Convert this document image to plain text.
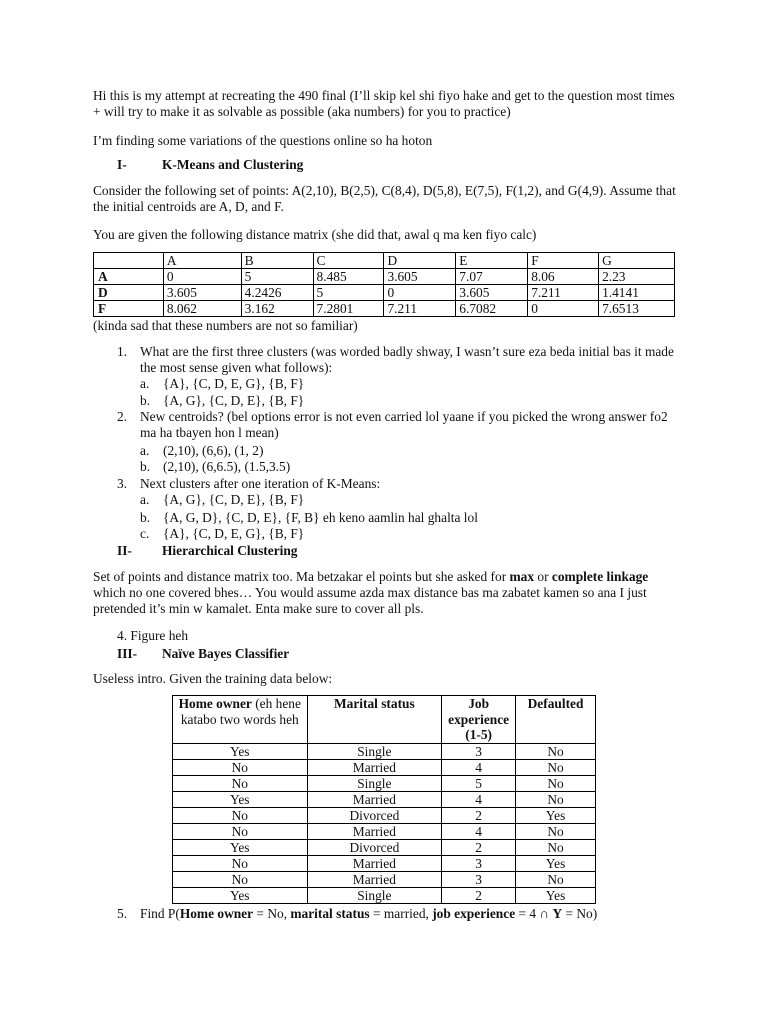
Hi this is my attempt at recreating the 490 final (I’ll skip kel shi fiyo hake and get to the question most times + will try to make it as solvable as possible (aka numbers) for you to practice)

I’m finding some variations of the questions online so ha hoton

I-	K-Means and Clustering

Consider the following set of points: A(2,10), B(2,5), C(8,4), D(5,8), E(7,5), F(1,2), and G(4,9). Assume that the initial centroids are A, D, and F.

You are given the following distance matrix (she did that, awal q ma ken fiyo calc)

	A	B	C	D	E	F	G
A	0	5	8.485	3.605	7.07	8.06	2.23
D	3.605	4.2426	5	0	3.605	7.211	1.4141
F	8.062	3.162	7.2801	7.211	6.7082	0	7.6513

(kinda sad that these numbers are not so familiar)

1. What are the first three clusters (was worded badly shway, I wasn’t sure eza beda initial bas it made the most sense given what follows):
a. {A}, {C, D, E, G}, {B, F}
b. {A, G}, {C, D, E}, {B, F}
2. New centroids? (bel options error is not even carried lol yaane if you picked the wrong answer fo2 ma ha tbayen hon l mean)
a. (2,10), (6,6), (1, 2)
b. (2,10), (6,6.5), (1.5,3.5)
3. Next clusters after one iteration of K-Means:
a. {A, G}, {C, D, E}, {B, F}
b. {A, G, D}, {C, D, E}, {F, B} eh keno aamlin hal ghalta lol
c. {A}, {C, D, E, G}, {B, F}
II- Hierarchical Clustering

Set of points and distance matrix too. Ma betzakar el points but she asked for max or complete linkage which no one covered bhes… You would assume azda max distance bas ma zabatet kamen so ana I just pretended it’s min w kamalet. Enta make sure to cover all pls.

4. Figure heh
III- Naïve Bayes Classifier

Useless intro. Given the training data below:

Home owner (eh hene katabo two words heh	Marital status	Job experience (1-5)	Defaulted
Yes	Single	3	No
No	Married	4	No
No	Single	5	No
Yes	Married	4	No
No	Divorced	2	Yes
No	Married	4	No
Yes	Divorced	2	No
No	Married	3	Yes
No	Married	3	No
Yes	Single	2	Yes
5. Find P(Home owner = No, marital status = married, job experience = 4 ∩ Y = No)
